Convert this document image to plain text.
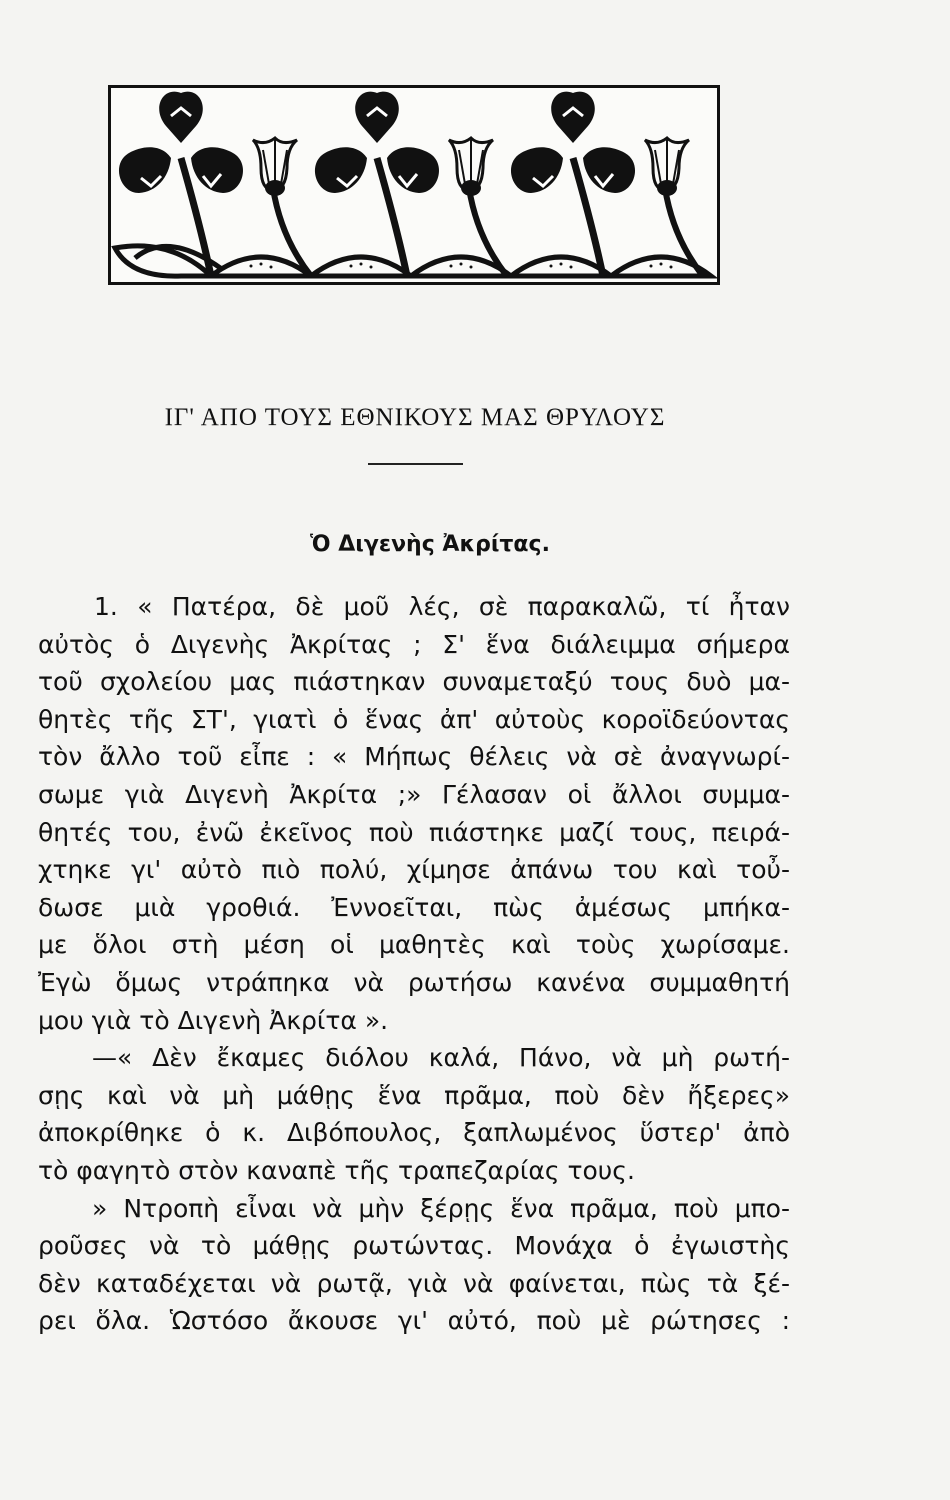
ΙΓ' ΑΠΟ ΤΟΥΣ ΕΘΝΙΚΟΥΣ ΜΑΣ ΘΡΥΛΟΥΣ
Ὁ Διγενὴς Ἀκρίτας.
1. « Πατέρα, δὲ μοῦ λές, σὲ παρακαλῶ, τί ἦταν
αὐτὸς ὁ Διγενὴς Ἀκρίτας ; Σ' ἕνα διάλειμμα σήμερα
τοῦ σχολείου μας πιάστηκαν συναμεταξύ τους δυὸ μα-
θητὲς τῆς ΣΤ', γιατὶ ὁ ἕνας ἀπ' αὐτοὺς κοροϊδεύοντας
τὸν ἄλλο τοῦ εἶπε : « Μήπως θέλεις νὰ σὲ ἀναγνωρί-
σωμε γιὰ Διγενὴ Ἀκρίτα ;» Γέλασαν οἱ ἄλλοι συμμα-
θητές του, ἐνῶ ἐκεῖνος ποὺ πιάστηκε μαζί τους, πειρά-
χτηκε γι' αὐτὸ πιὸ πολύ, χίμησε ἀπάνω του καὶ τοὖ-
δωσε μιὰ γροθιά. Ἐννοεῖται, πὼς ἀμέσως μπήκα-
με ὅλοι στὴ μέση οἱ μαθητὲς καὶ τοὺς χωρίσαμε.
Ἐγὼ ὅμως ντράπηκα νὰ ρωτήσω κανένα συμμαθητή
μου γιὰ τὸ Διγενὴ Ἀκρίτα ».
—« Δὲν ἔκαμες διόλου καλά, Πάνο, νὰ μὴ ρωτή-
σῃς καὶ νὰ μὴ μάθῃς ἕνα πρᾶμα, ποὺ δὲν ἤξερες»
ἀποκρίθηκε ὁ κ. Διβόπουλος, ξαπλωμένος ὕστερ' ἀπὸ
τὸ φαγητὸ στὸν καναπὲ τῆς τραπεζαρίας τους.
» Ντροπὴ εἶναι νὰ μὴν ξέρῃς ἕνα πρᾶμα, ποὺ μπο-
ροῦσες νὰ τὸ μάθῃς ρωτώντας. Μονάχα ὁ ἐγωιστὴς
δὲν καταδέχεται νὰ ρωτᾷ, γιὰ νὰ φαίνεται, πὼς τὰ ξέ-
ρει ὅλα. Ὡστόσο ἄκουσε γι' αὐτό, ποὺ μὲ ρώτησες :
